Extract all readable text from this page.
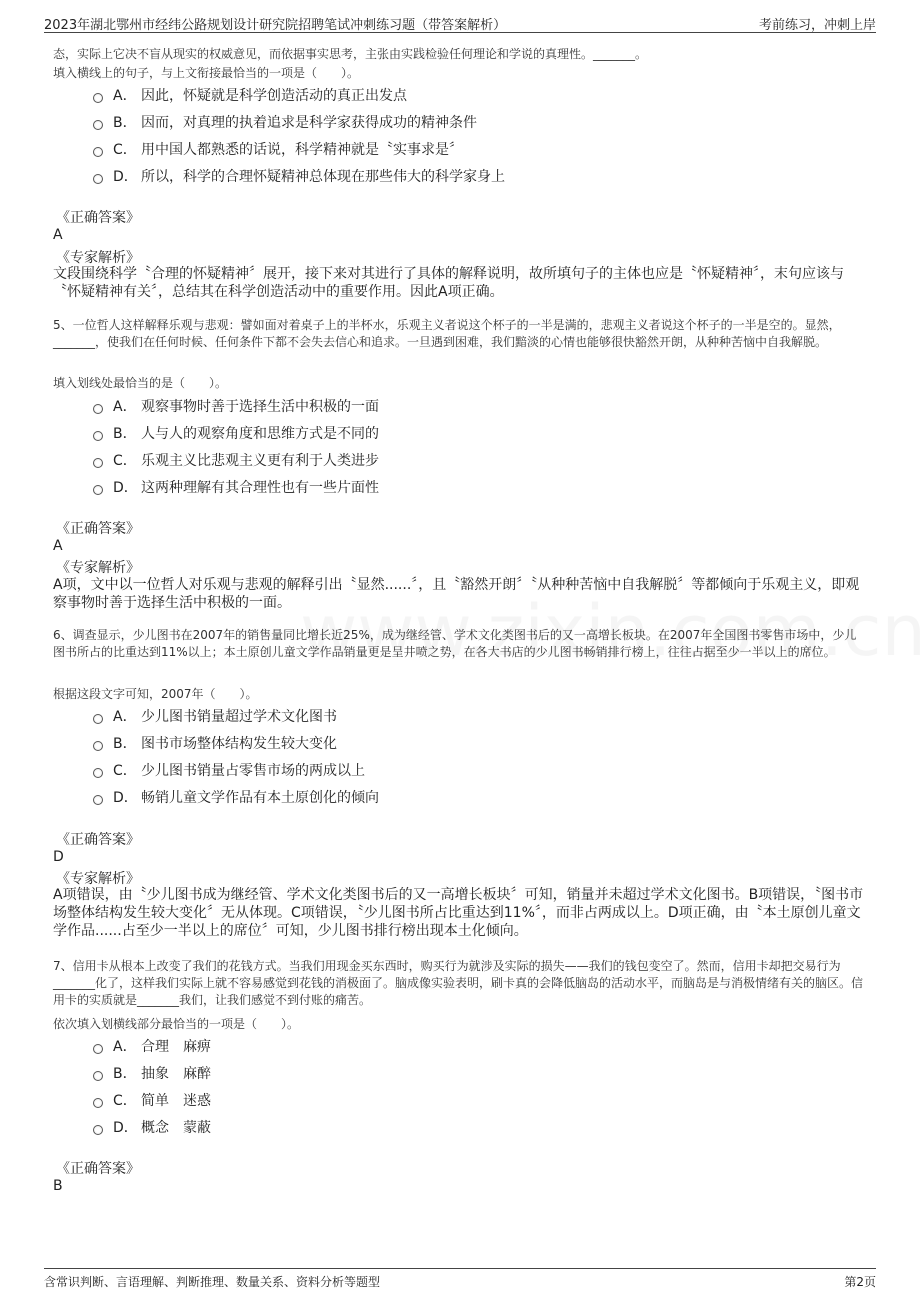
2023年湖北鄂州市经纬公路规划设计研究院招聘笔试冲刺练习题（带答案解析）	考前练习，冲刺上岸
态，实际上它决不盲从现实的权威意见，而依据事实思考，主张由实践检验任何理论和学说的真理性。_______。
填入横线上的句子，与上文衔接最恰当的一项是（　　）。
A． 因此，怀疑就是科学创造活动的真正出发点
B． 因而，对真理的执着追求是科学家获得成功的精神条件
C． 用中国人都熟悉的话说，科学精神就是〝实事求是〞
D． 所以，科学的合理怀疑精神总体现在那些伟大的科学家身上
《正确答案》
A
《专家解析》
文段围绕科学〝合理的怀疑精神〞展开，接下来对其进行了具体的解释说明，故所填句子的主体也应是〝怀疑精神〞，末句应该与〝怀疑精神有关〞，总结其在科学创造活动中的重要作用。因此A项正确。
5、一位哲人这样解释乐观与悲观：譬如面对着桌子上的半杯水，乐观主义者说这个杯子的一半是满的，悲观主义者说这个杯子的一半是空的。显然，_______，使我们在任何时候、任何条件下都不会失去信心和追求。一旦遇到困难，我们黯淡的心情也能够很快豁然开朗，从种种苦恼中自我解脱。
填入划线处最恰当的是（　　）。
A． 观察事物时善于选择生活中积极的一面
B． 人与人的观察角度和思维方式是不同的
C． 乐观主义比悲观主义更有利于人类进步
D． 这两种理解有其合理性也有一些片面性
《正确答案》
A
《专家解析》
A项，文中以一位哲人对乐观与悲观的解释引出〝显然......〞，且〝豁然开朗〞〝从种种苦恼中自我解脱〞等都倾向于乐观主义，即观察事物时善于选择生活中积极的一面。
6、调查显示，少儿图书在2007年的销售量同比增长近25%，成为继经管、学术文化类图书后的又一高增长板块。在2007年全国图书零售市场中，少儿图书所占的比重达到11%以上；本土原创儿童文学作品销量更是呈井喷之势，在各大书店的少儿图书畅销排行榜上，往往占据至少一半以上的席位。
根据这段文字可知，2007年（　　）。
A． 少儿图书销量超过学术文化图书
B． 图书市场整体结构发生较大变化
C． 少儿图书销量占零售市场的两成以上
D． 畅销儿童文学作品有本土原创化的倾向
《正确答案》
D
《专家解析》
A项错误，由〝少儿图书成为继经管、学术文化类图书后的又一高增长板块〞可知，销量并未超过学术文化图书。B项错误，〝图书市场整体结构发生较大变化〞无从体现。C项错误，〝少儿图书所占比重达到11%〞，而非占两成以上。D项正确，由〝本土原创儿童文学作品......占至少一半以上的席位〞可知，少儿图书排行榜出现本土化倾向。
7、信用卡从根本上改变了我们的花钱方式。当我们用现金买东西时，购买行为就涉及实际的损失——我们的钱包变空了。然而，信用卡却把交易行为_______化了，这样我们实际上就不容易感觉到花钱的消极面了。脑成像实验表明，刷卡真的会降低脑岛的活动水平，而脑岛是与消极情绪有关的脑区。信用卡的实质就是_______我们，让我们感觉不到付账的痛苦。
依次填入划横线部分最恰当的一项是（　　）。
A． 合理　麻痹
B． 抽象　麻醉
C． 简单　迷惑
D． 概念　蒙蔽
《正确答案》
B
含常识判断、言语理解、判断推理、数量关系、资料分析等题型	第2页
